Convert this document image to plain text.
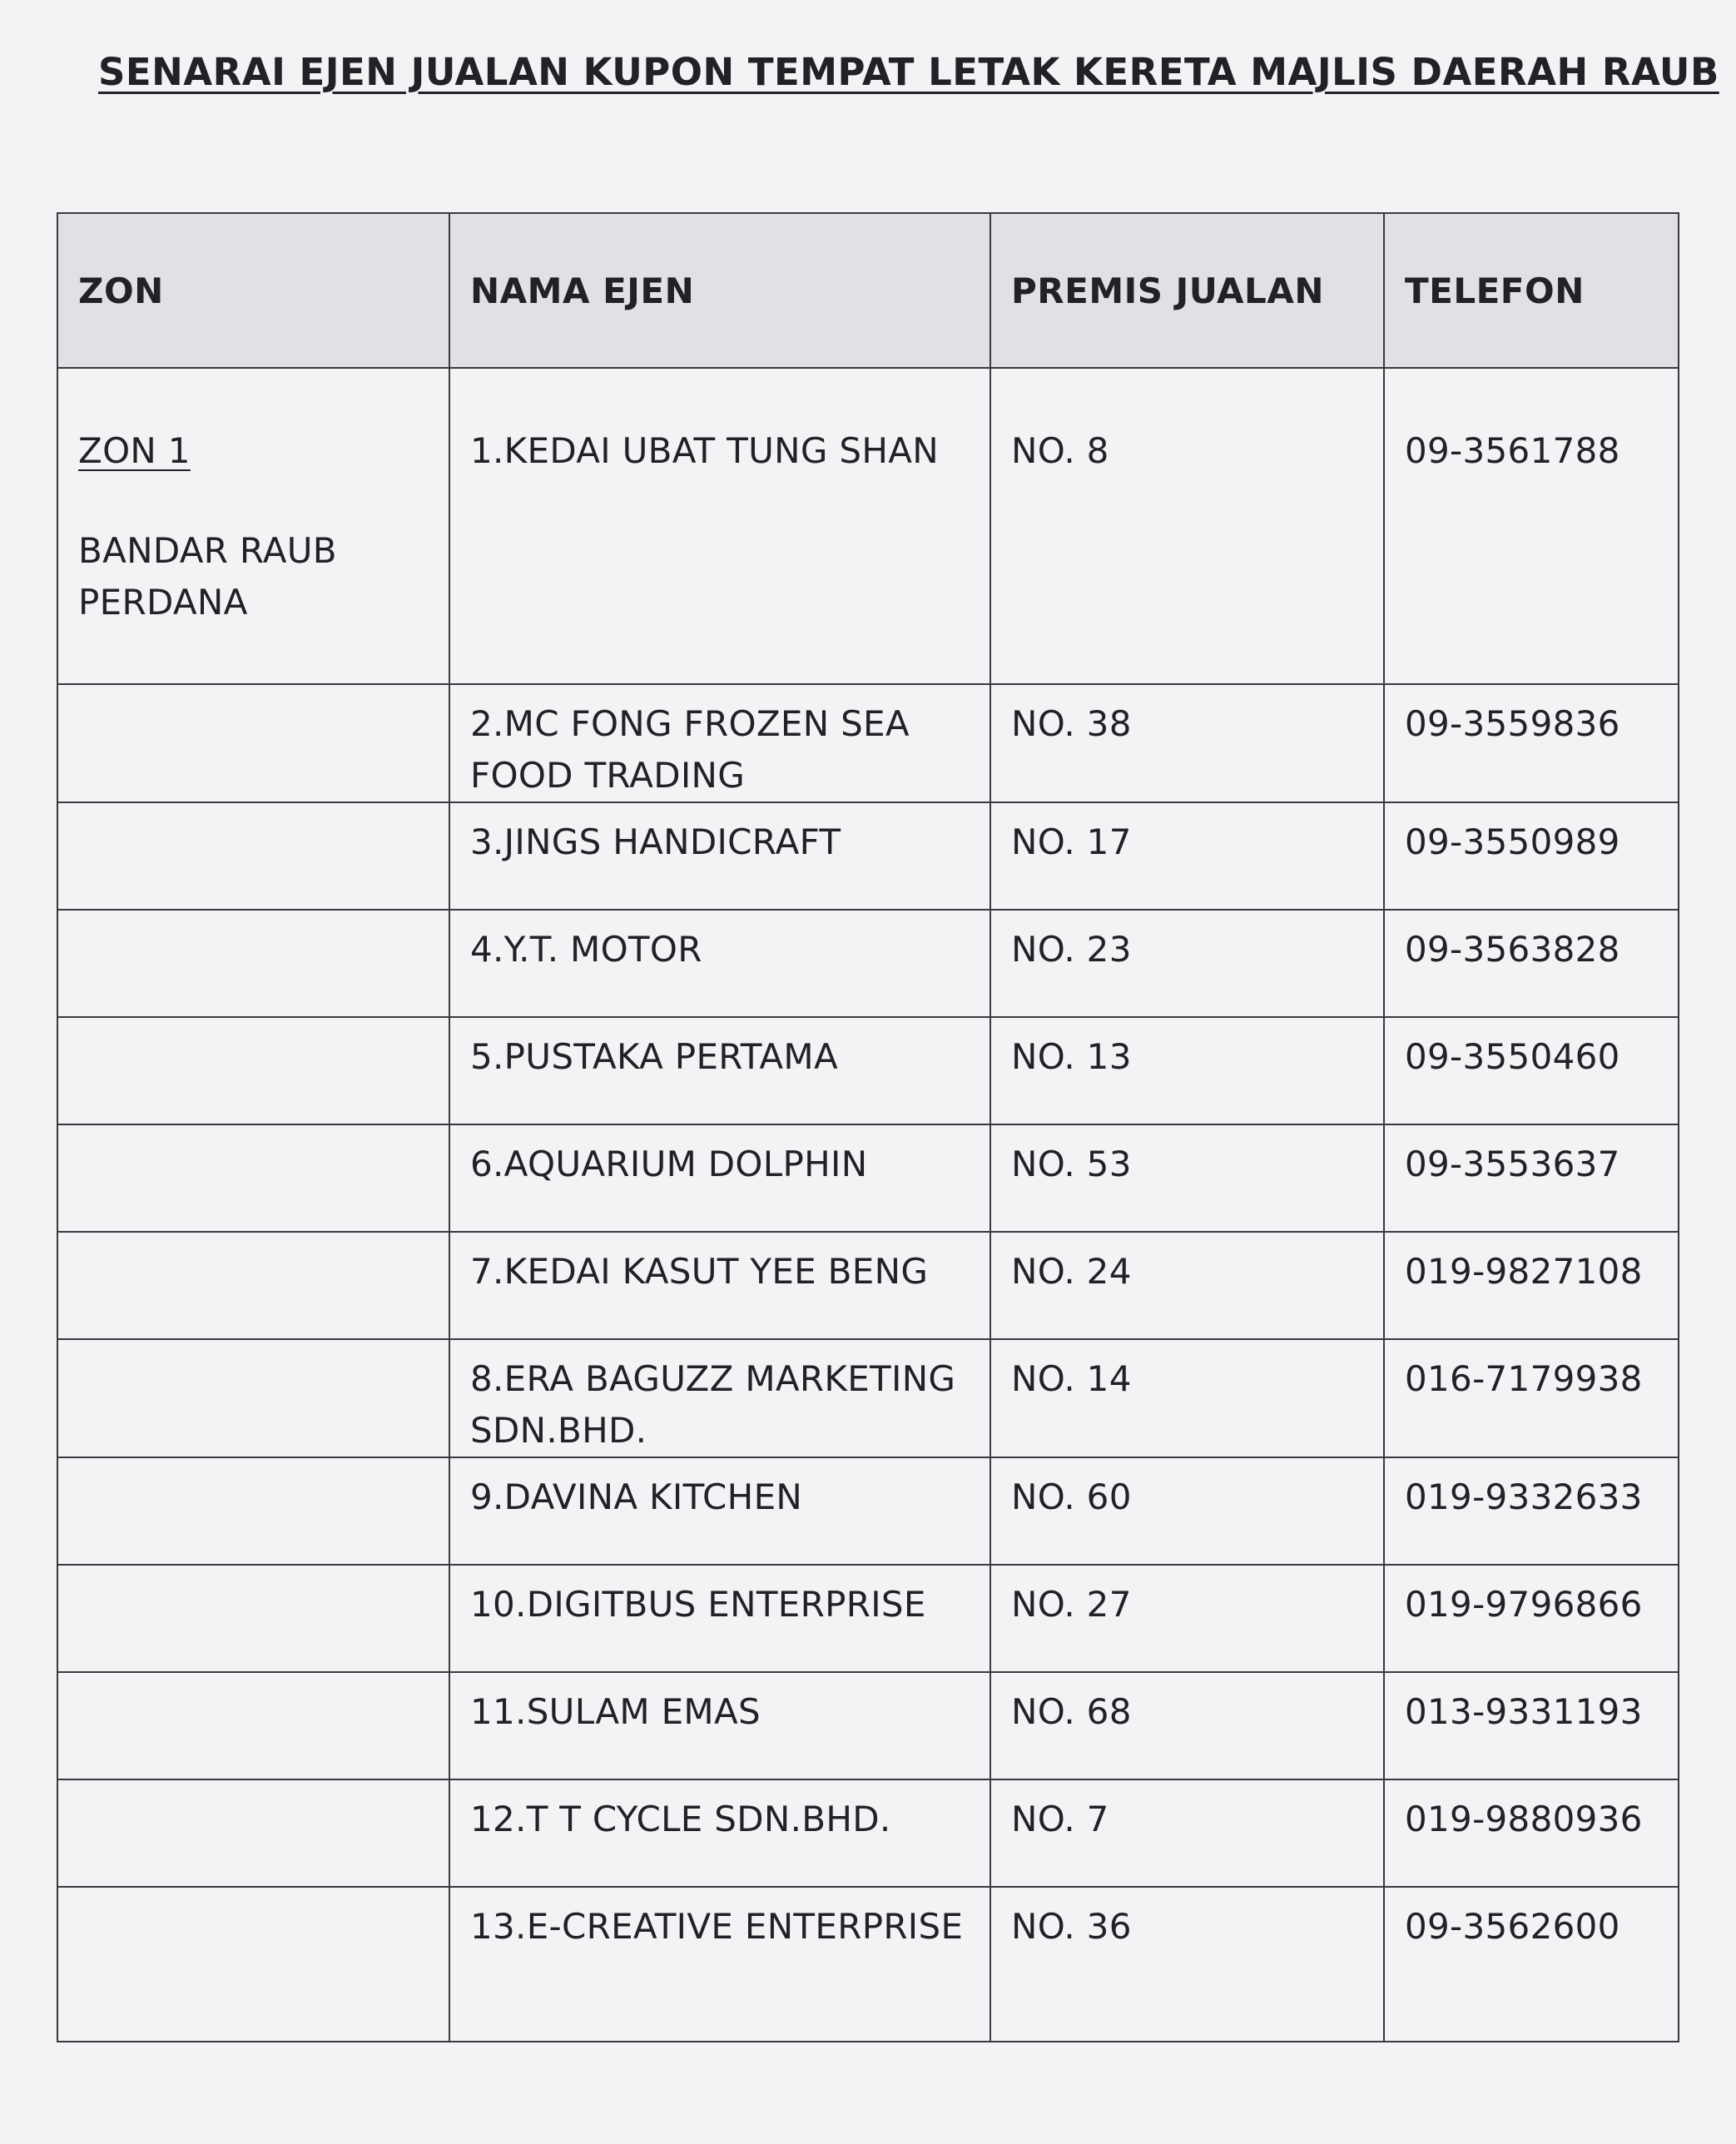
SENARAI EJEN JUALAN KUPON TEMPAT LETAK KERETA MAJLIS DAERAH RAUB
ZON	NAMA EJEN	PREMIS JUALAN	TELEFON

ZON 1
BANDAR RAUB PERDANA	1.KEDAI UBAT TUNG SHAN	NO. 8	09-3561788
	2.MC FONG FROZEN SEA FOOD TRADING	NO. 38	09-3559836
	3.JINGS HANDICRAFT	NO. 17	09-3550989
	4.Y.T. MOTOR	NO. 23	09-3563828
	5.PUSTAKA PERTAMA	NO. 13	09-3550460
	6.AQUARIUM DOLPHIN	NO. 53	09-3553637
	7.KEDAI KASUT YEE BENG	NO. 24	019-9827108
	8.ERA BAGUZZ MARKETING SDN.BHD.	NO. 14	016-7179938
	9.DAVINA KITCHEN	NO. 60	019-9332633
	10.DIGITBUS ENTERPRISE	NO. 27	019-9796866
	11.SULAM EMAS	NO. 68	013-9331193
	12.T T CYCLE SDN.BHD.	NO. 7	019-9880936
	13.E-CREATIVE ENTERPRISE	NO. 36	09-3562600
